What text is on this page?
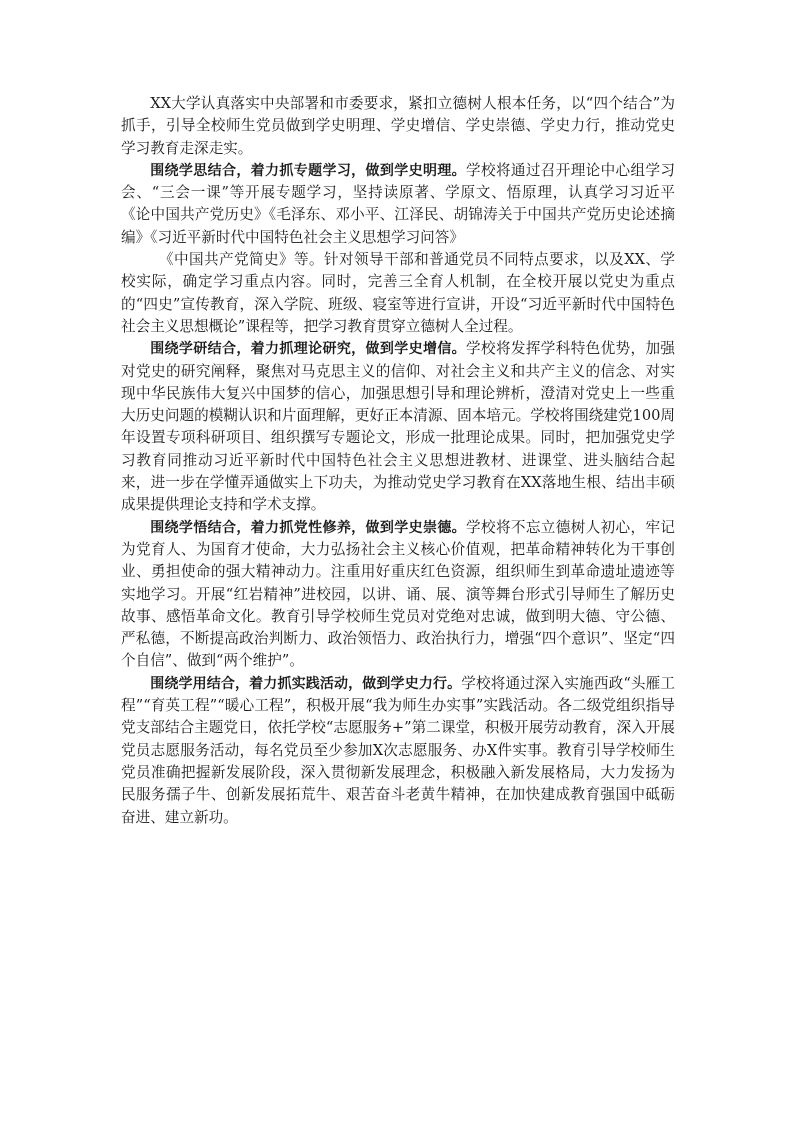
XX大学认真落实中央部署和市委要求，紧扣立德树人根本任务，以“四个结合”为抓手，引导全校师生党员做到学史明理、学史增信、学史崇德、学史力行，推动党史学习教育走深走实。

围绕学思结合，着力抓专题学习，做到学史明理。学校将通过召开理论中心组学习会、“三会一课”等开展专题学习，坚持读原著、学原文、悟原理，认真学习习近平《论中国共产党历史》《毛泽东、邓小平、江泽民、胡锦涛关于中国共产党历史论述摘编》《习近平新时代中国特色社会主义思想学习问答》

《中国共产党简史》等。针对领导干部和普通党员不同特点要求，以及XX、学校实际，确定学习重点内容。同时，完善三全育人机制，在全校开展以党史为重点的“四史”宣传教育，深入学院、班级、寝室等进行宣讲，开设“习近平新时代中国特色社会主义思想概论”课程等，把学习教育贯穿立德树人全过程。

围绕学研结合，着力抓理论研究，做到学史增信。学校将发挥学科特色优势，加强对党史的研究阐释，聚焦对马克思主义的信仰、对社会主义和共产主义的信念、对实现中华民族伟大复兴中国梦的信心，加强思想引导和理论辨析，澄清对党史上一些重大历史问题的模糊认识和片面理解，更好正本清源、固本培元。学校将围绕建党100周年设置专项科研项目、组织撰写专题论文，形成一批理论成果。同时，把加强党史学习教育同推动习近平新时代中国特色社会主义思想进教材、进课堂、进头脑结合起来，进一步在学懂弄通做实上下功夫，为推动党史学习教育在XX落地生根、结出丰硕成果提供理论支持和学术支撑。

围绕学悟结合，着力抓党性修养，做到学史崇德。学校将不忘立德树人初心，牢记为党育人、为国育才使命，大力弘扬社会主义核心价值观，把革命精神转化为干事创业、勇担使命的强大精神动力。注重用好重庆红色资源，组织师生到革命遗址遗迹等实地学习。开展“红岩精神”进校园，以讲、诵、展、演等舞台形式引导师生了解历史故事、感悟革命文化。教育引导学校师生党员对党绝对忠诚，做到明大德、守公德、严私德，不断提高政治判断力、政治领悟力、政治执行力，增强“四个意识”、坚定“四个自信”、做到“两个维护”。

围绕学用结合，着力抓实践活动，做到学史力行。学校将通过深入实施西政“头雁工程”“育英工程”“暖心工程”，积极开展“我为师生办实事”实践活动。各二级党组织指导党支部结合主题党日，依托学校“志愿服务+”第二课堂，积极开展劳动教育，深入开展党员志愿服务活动，每名党员至少参加X次志愿服务、办X件实事。教育引导学校师生党员准确把握新发展阶段，深入贯彻新发展理念，积极融入新发展格局，大力发扬为民服务孺子牛、创新发展拓荒牛、艰苦奋斗老黄牛精神，在加快建成教育强国中砥砺奋进、建立新功。
